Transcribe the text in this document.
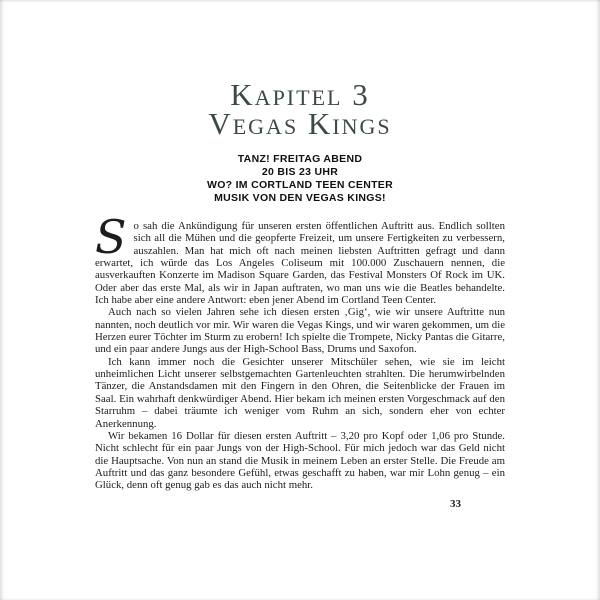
Kapitel 3
Vegas Kings
TANZ! FREITAG ABEND
20 BIS 23 UHR
WO? IM CORTLAND TEEN CENTER
MUSIK VON DEN VEGAS KINGS!

So sah die Ankündigung für unseren ersten öffentlichen Auftritt aus. Endlich sollten sich all die Mühen und die geopferte Freizeit, um unsere Fertigkeiten zu verbessern, auszahlen. Man hat mich oft nach meinen liebsten Auftritten gefragt und dann erwartet, ich würde das Los Angeles Coliseum mit 100.000 Zuschauern nennen, die ausverkauften Konzerte im Madison Square Garden, das Festival Monsters Of Rock im UK. Oder aber das erste Mal, als wir in Japan auftraten, wo man uns wie die Beatles behandelte. Ich habe aber eine andere Antwort: eben jener Abend im Cortland Teen Center.

Auch nach so vielen Jahren sehe ich diesen ersten ‚Gig‘, wie wir unsere Auftritte nun nannten, noch deutlich vor mir. Wir waren die Vegas Kings, und wir waren gekommen, um die Herzen eurer Töchter im Sturm zu erobern! Ich spielte die Trompete, Nicky Pantas die Gitarre, und ein paar andere Jungs aus der High-School Bass, Drums und Saxofon.

Ich kann immer noch die Gesichter unserer Mitschüler sehen, wie sie im leicht unheimlichen Licht unserer selbstgemachten Gartenleuchten strahlten. Die herumwirbelnden Tänzer, die Anstandsdamen mit den Fingern in den Ohren, die Seitenblicke der Frauen im Saal. Ein wahrhaft denkwürdiger Abend. Hier bekam ich meinen ersten Vorgeschmack auf den Starruhm – dabei träumte ich weniger vom Ruhm an sich, sondern eher von echter Anerkennung.

Wir bekamen 16 Dollar für diesen ersten Auftritt – 3,20 pro Kopf oder 1,06 pro Stunde. Nicht schlecht für ein paar Jungs von der High-School. Für mich jedoch war das Geld nicht die Hauptsache. Von nun an stand die Musik in meinem Leben an erster Stelle. Die Freude am Auftritt und das ganz besondere Gefühl, etwas geschafft zu haben, war mir Lohn genug – ein Glück, denn oft genug gab es das auch nicht mehr.

33
